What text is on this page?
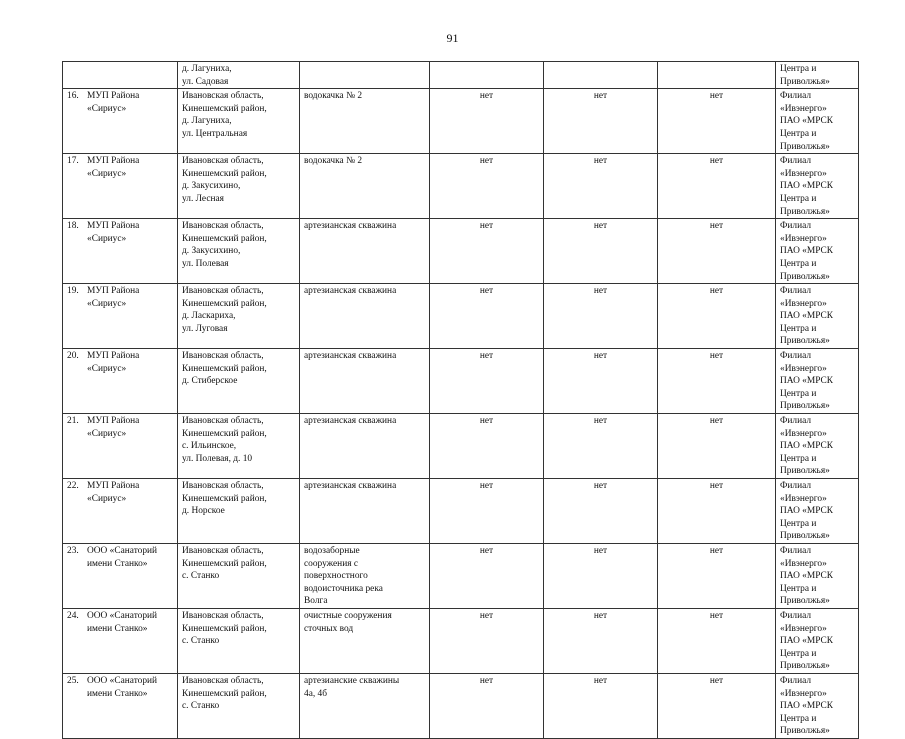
91
	д. Лагуниха,
ул. Садовая					Центра и
Приволжья»
16. МУП Района
«Сириус»	Ивановская область,
Кинешемский район,
д. Лагуниха,
ул. Центральная	водокачка № 2	нет	нет	нет	Филиал «Ивэнерго»
ПАО «МРСК
Центра и
Приволжья»
17. МУП Района
«Сириус»	Ивановская область,
Кинешемский район,
д. Закусихино,
ул. Лесная	водокачка № 2	нет	нет	нет	Филиал «Ивэнерго»
ПАО «МРСК
Центра и
Приволжья»
18. МУП Района
«Сириус»	Ивановская область,
Кинешемский район,
д. Закусихино,
ул. Полевая	артезианская скважина	нет	нет	нет	Филиал «Ивэнерго»
ПАО «МРСК
Центра и
Приволжья»
19. МУП Района
«Сириус»	Ивановская область,
Кинешемский район,
д. Ласкариха,
ул. Луговая	артезианская скважина	нет	нет	нет	Филиал «Ивэнерго»
ПАО «МРСК
Центра и
Приволжья»
20. МУП Района
«Сириус»	Ивановская область,
Кинешемский район,
д. Стиберское	артезианская скважина	нет	нет	нет	Филиал «Ивэнерго»
ПАО «МРСК
Центра и
Приволжья»
21. МУП Района
«Сириус»	Ивановская область,
Кинешемский район,
с. Ильинское,
ул. Полевая, д. 10	артезианская скважина	нет	нет	нет	Филиал «Ивэнерго»
ПАО «МРСК
Центра и
Приволжья»
22. МУП Района
«Сириус»	Ивановская область,
Кинешемский район,
д. Норское	артезианская скважина	нет	нет	нет	Филиал «Ивэнерго»
ПАО «МРСК
Центра и
Приволжья»
23. ООО «Санаторий
имени Станко»	Ивановская область,
Кинешемский район,
с. Станко	водозаборные
сооружения с
поверхностного
водоисточника река
Волга	нет	нет	нет	Филиал «Ивэнерго»
ПАО «МРСК
Центра и
Приволжья»
24. ООО «Санаторий
имени Станко»	Ивановская область,
Кинешемский район,
с. Станко	очистные сооружения
сточных вод	нет	нет	нет	Филиал «Ивэнерго»
ПАО «МРСК
Центра и
Приволжья»
25. ООО «Санаторий
имени Станко»	Ивановская область,
Кинешемский район,
с. Станко	артезианские скважины
4а, 4б	нет	нет	нет	Филиал «Ивэнерго»
ПАО «МРСК
Центра и
Приволжья»
